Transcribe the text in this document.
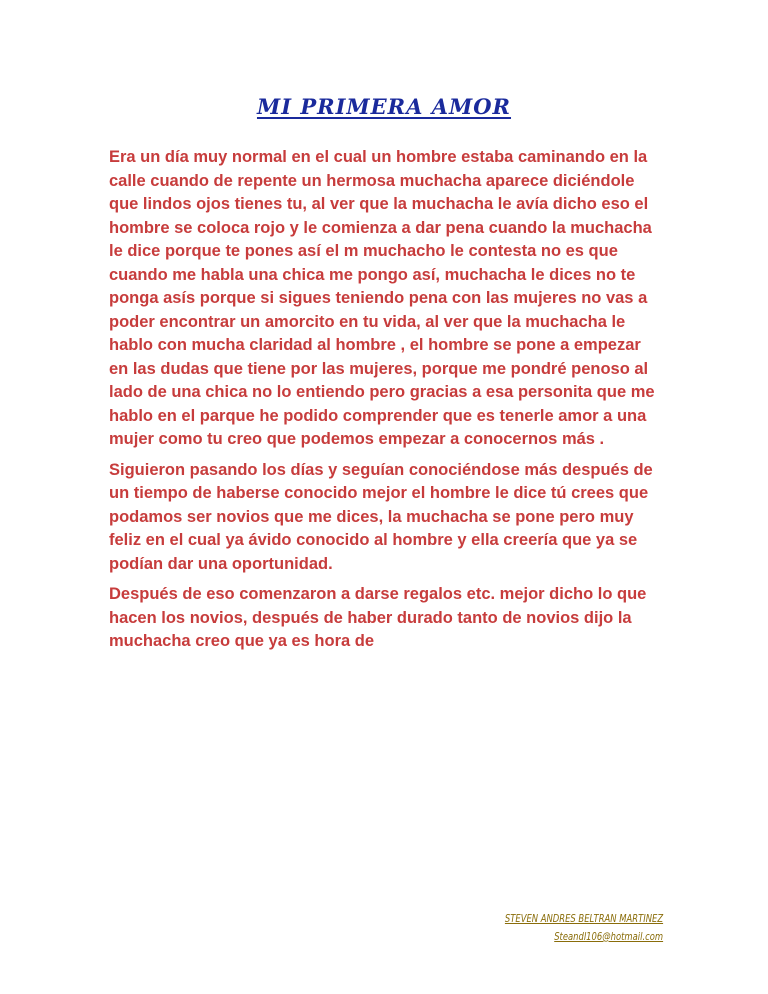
MI PRIMERA AMOR

Era un día muy normal en el cual un hombre estaba caminando en la calle cuando de repente un hermosa muchacha aparece diciéndole que lindos ojos tienes tu, al ver que la muchacha le avía dicho eso el hombre se coloca rojo y le comienza a dar pena cuando la muchacha le dice porque te pones así el m muchacho le contesta no es que cuando me habla una chica me pongo así, muchacha le dices no te ponga asís porque si sigues teniendo pena con las mujeres no vas a poder encontrar un amorcito en tu vida, al ver que la muchacha le hablo con mucha claridad al hombre , el hombre se pone a empezar en las dudas que tiene por las mujeres, porque me pondré penoso al lado de una chica no lo entiendo pero gracias a esa personita que me hablo en el parque he podido comprender que es tenerle amor a una mujer como tu creo que podemos empezar a conocernos más .

Siguieron pasando los días y seguían conociéndose más después de un tiempo de haberse conocido mejor el hombre le dice tú crees que podamos ser novios que me dices, la muchacha se pone pero muy feliz en el cual ya ávido conocido al hombre y ella creería que ya se podían dar una oportunidad.

Después de eso comenzaron a darse regalos etc. mejor dicho lo que hacen los novios, después de haber durado tanto de novios dijo la muchacha creo que ya es hora de

STEVEN ANDRES BELTRAN MARTINEZ
Steandl106@hotmail.com
